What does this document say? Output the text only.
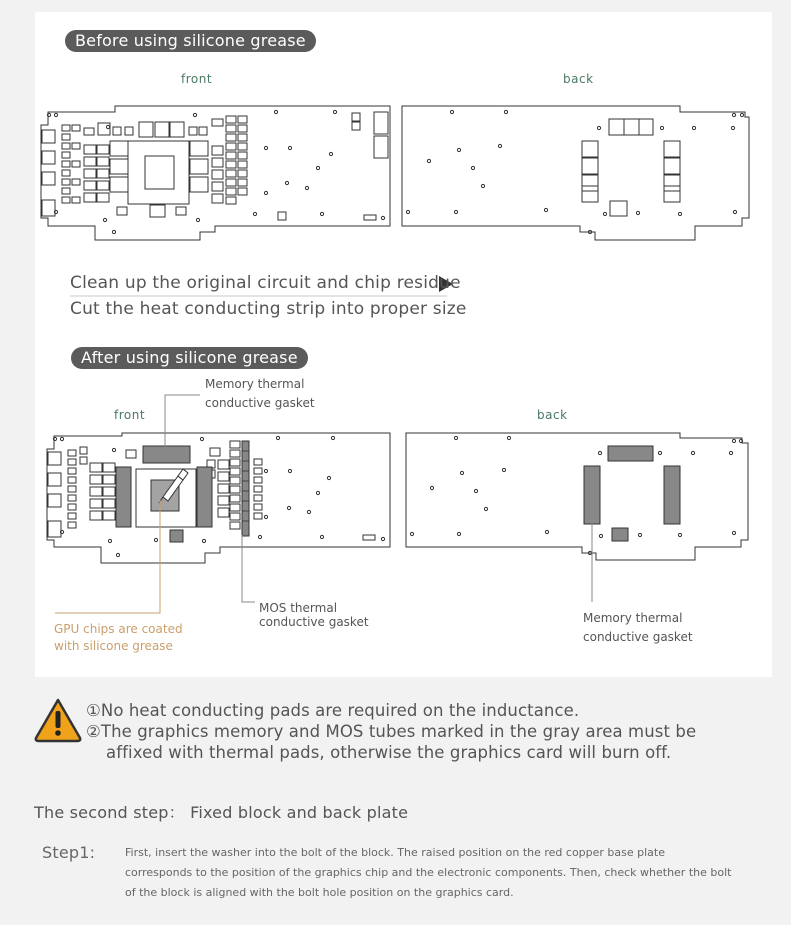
Before using silicone grease
front	back
Clean up the original circuit and chip residue
Cut the heat conducting strip into proper size
After using silicone grease
front	back
Memory thermal
conductive gasket
MOS thermal
conductive gasket
GPU chips are coated
with silicone grease
Memory thermal
conductive gasket
①No heat conducting pads are required on the inductance.
②The graphics memory and MOS tubes marked in the gray area must be
affixed with thermal pads, otherwise the graphics card will burn off.
The second step： Fixed block and back plate
Step1:	First, insert the washer into the bolt of the block. The raised position on the red copper base plate corresponds to the position of the graphics chip and the electronic components. Then, check whether the bolt of the block is aligned with the bolt hole position on the graphics card.
